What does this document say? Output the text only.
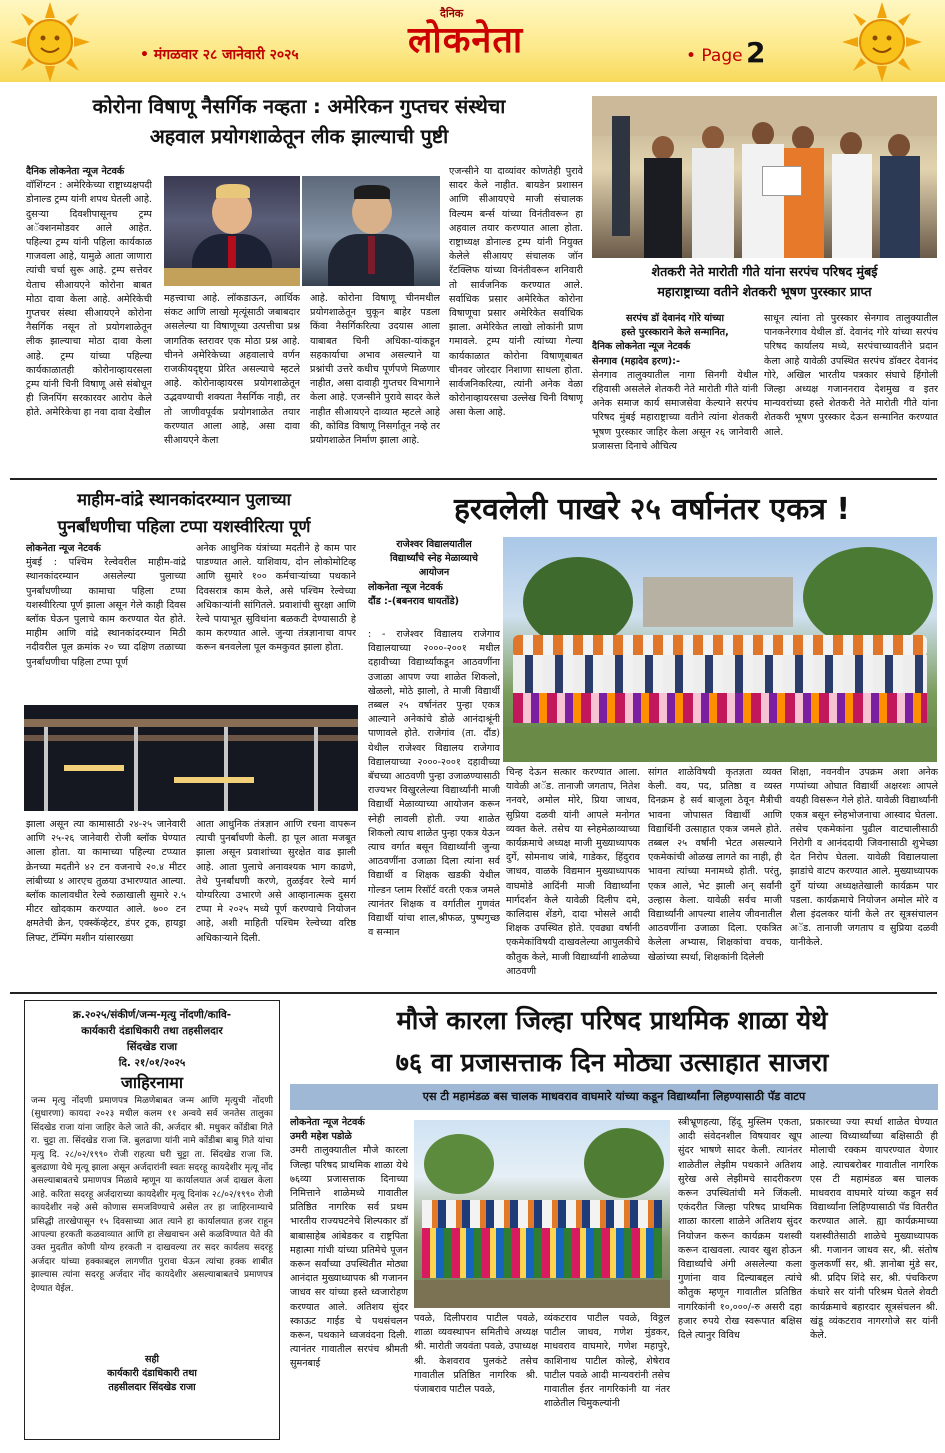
• मंगळवार २८ जानेवारी २०२५
दैनिक
लोकनेता	• Page 2
कोरोना विषाणू नैसर्गिक नव्हता : अमेरिकन गुप्तचर संस्थेचा
अहवाल प्रयोगशाळेतून लीक झाल्याची पुष्टी
दैनिक लोकनेता न्यूज नेटवर्क
वॉशिंग्टन : अमेरिकेच्या राष्ट्राध्यक्षपदी डोनाल्ड ट्रम्प यांनी शपथ घेतली आहे. दुसऱ्या दिवशीपासूनच ट्रम्प अॅक्शनमोडवर आले आहेत. पहिल्या ट्रम्प यांनी पहिला कार्यकाळ गाजवला आहे, यामुळे आता जाणारा त्यांची चर्चा सुरू आहे. ट्रम्प सत्तेवर येताच सीआयएने कोरोना बाबत मोठा दावा केला आहे. अमेरिकेची गुप्तचर संस्था सीआयएने कोरोना नैसर्गिक नसून तो प्रयोगशाळेतून लीक झाल्याचा मोठा दावा केला आहे. ट्रम्प यांच्या पहिल्या कार्यकाळातही कोरोनाव्हायरसला ट्रम्प यांनी चिनी विषाणू असे संबोधून ही जिनपिंग सरकारवर आरोप केले होते. अमेरिकेचा हा नवा दावा देखील
महत्त्वाचा आहे. लॉकडाऊन, आर्थिक संकट आणि लाखो मृत्यूंसाठी जबाबदार असलेल्या या विषाणूच्या उत्पत्तीचा प्रश्न जागतिक स्तरावर एक मोठा प्रश्न आहे. चीनने अमेरिकेच्या अहवालाचे वर्णन राजकीयदृष्ट्या प्रेरित असल्याचे म्हटले आहे. कोरोनाव्हायरस प्रयोगशाळेतून उद्भवण्याची शक्यता नैसर्गिक नाही, तर तो जाणीवपूर्वक प्रयोगशाळेत तयार करण्यात आला आहे, असा दावा सीआयएने केला
आहे. कोरोना विषाणू चीनमधील प्रयोगशाळेतून चुकून बाहेर पडला किंवा नैसर्गिकरित्या उदयास आला याबाबत चिनी अधिका-यांकडून सहकार्याचा अभाव असल्याने या प्रश्नांची उत्तरे कधीच पूर्णपणे मिळणार नाहीत, असा दावाही गुप्तचर विभागाने केला आहे. एजन्सीने पुरावे सादर केले नाहीत सीआयएने दाव्यात म्हटले आहे की, कोविड विषाणू निसर्गातून नव्हे तर प्रयोगशाळेत निर्माण झाला आहे.
एजन्सीने या दाव्यांवर कोणतेही पुरावे सादर केले नाहीत. बायडेन प्रशासन आणि सीआयएचे माजी संचालक विल्यम बर्न्स यांच्या विनंतीवरून हा अहवाल तयार करण्यात आला होता. राष्ट्राध्यक्ष डोनाल्ड ट्रम्प यांनी नियुक्त केलेले सीआयए संचालक जॉन रॅटक्लिफ यांच्या विनंतीवरून शनिवारी तो सार्वजनिक करण्यात आले. सर्वाधिक प्रसार अमेरिकेत कोरोना विषाणूचा प्रसार अमेरिकेत सर्वाधिक झाला. अमेरिकेत लाखो लोकांनी प्राण गमावले. ट्रम्प यांनी त्यांच्या गेल्या कार्यकाळात कोरोना विषाणूबाबत चीनवर जोरदार निशाणा साधला होता. सार्वजनिकरित्या, त्यांनी अनेक वेळा कोरोनाव्हायरसचा उल्लेख चिनी विषाणू असा केला आहे.
शेतकरी नेते मारोती गीते यांना सरपंच परिषद मुंबई
महाराष्ट्राच्या वतीने शेतकरी भूषण पुरस्कार प्राप्त
सरपंच डॉ देवानंद गोरे यांच्या
हस्ते पुरस्काराने केले सन्मानित,
दैनिक लोकनेता न्यूज नेटवर्क
सेनगाव (महादेव हरण):-
सेनगाव तालुक्यातील नागा सिनगी येथील रहिवासी असलेले शेतकरी नेते मारोती गीते यांनी अनेक समाज कार्य समाजसेवा केल्याने सरपंच परिषद मुंबई महाराष्ट्राच्या वतीने त्यांना शेतकरी भूषण पुरस्कार जाहिर केला असून २६ जानेवारी प्रजासत्ता दिनाचे औचित्य
साधून त्यांना तो पुरस्कार सेनगाव तालुक्यातील पानकनेरगाव येथील डॉ. देवानंद गोरे यांच्या सरपंच परिषद कार्यालय मध्ये, सरपंचाच्यावतीने प्रदान केला आहे यावेळी उपस्थित सरपंच डॉक्टर देवानंद गोरे, अखिल भारतीय पत्रकार संघाचे हिंगोली जिल्हा अध्यक्ष गजाननराव देशमुख व इतर मान्यवरांच्या हस्ते शेतकरी नेते मारोती गीते यांना शेतकरी भूषण पुरस्कार देऊन सन्मानित करण्यात आले.
माहीम-वांद्रे स्थानकांदरम्यान पुलाच्या
पुनर्बांधणीचा पहिला टप्पा यशस्वीरित्या पूर्ण
लोकनेता न्यूज नेटवर्क
मुंबई : पश्चिम रेल्वेवरील माहीम-वांद्रे स्थानकांदरम्यान असलेल्या पुलाच्या पुनर्बांधणीच्या कामाचा पहिला टप्पा यशस्वीरित्या पूर्ण झाला असून गेले काही दिवस ब्लॉक घेऊन पुलाचे काम करण्यात येत होते. माहीम आणि वांद्रे स्थानकांदरम्यान मिठी नदीवरील पूल क्रमांक २० च्या दक्षिण तळाच्या पुनर्बांधणीचा पहिला टप्पा पूर्ण
अनेक आधुनिक यंत्रांच्या मदतीने हे काम पार पाडण्यात आले. याशिवाय, दोन लोकोमोटिव्ह आणि सुमारे १०० कर्मचाऱ्यांच्या पथकाने दिवसरात्र काम केले, असे पश्चिम रेल्वेच्या अधिकाऱ्यांनी सांगितले. प्रवाशांची सुरक्षा आणि रेल्वे पायाभूत सुविधांना बळकटी देण्यासाठी हे काम करण्यात आले. जुन्या तंत्रज्ञानाचा वापर करून बनवलेला पूल कमकुवत झाला होता.
झाला असून त्या कामासाठी २४-२५ जानेवारी आणि २५-२६ जानेवारी रोजी ब्लॉक घेण्यात आला होता. या कामाच्या पहिल्या टप्प्यात क्रेनच्या मदतीने ४२ टन वजनाचे २०.४ मीटर लांबीच्या ४ आरएच तुळया उभारण्यात आल्या. ब्लॉक कालावधीत रेल्वे रुळाखाली सुमारे २.५ मीटर खोदकाम करण्यात आले. ७०० टन क्षमतेची क्रेन, एक्स्कॅव्हेटर, डंपर ट्रक, हायड्रा लिफ्ट, टॅम्पिंग मशीन यांसारख्या
आता आधुनिक तंत्रज्ञान आणि रचना वापरून त्याची पुनर्बांधणी केली. हा पूल आता मजबूत झाला असून प्रवाशांच्या सुरक्षेत वाढ झाली आहे. आता पुलाचे अनावश्यक भाग काढणे, तेथे पुनर्बांधणी करणे, तुळईवर रेल्वे मार्ग योग्यरित्या उभारणे असे आव्हानात्मक दुसरा टप्पा मे २०२५ मध्ये पूर्ण करण्याचे नियोजन आहे, अशी माहिती पश्चिम रेल्वेच्या वरिष्ठ अधिकाऱ्याने दिली.
हरवलेली पाखरे २५ वर्षानंतर एकत्र !
राजेश्वर विद्यालयातील
विद्यार्थ्यांचे स्नेह मेळाव्याचे
आयोजन
लोकनेता न्यूज नेटवर्क
दौंड :-(बबनराव धायतोंडे)
: - राजेश्वर विद्यालय राजेगाव विद्यालयाच्या २०००-२००१ मधील दहावीच्या विद्यार्थ्यांकडून आठवणींना उजाळा आपण ज्या शाळेत शिकलो, खेळलो, मोठे झालो, ते माजी विद्यार्थी तब्बल २५ वर्षानंतर पुन्हा एकत्र आल्याने अनेकांचे डोळे आनंदाश्रूंनी पाणावले होते. राजेगांव (ता. दौंड) येथील राजेश्वर विद्यालय राजेगाव विद्यालयाच्या २०००-२००१ दहावीच्या बॅचच्या आठवणी पुन्हा उजाळण्यासाठी राज्यभर विखुरलेल्या विद्यार्थ्यांनी माजी विद्यार्थी मेळाव्याच्या आयोजन करून स्नेही लावली होती. ज्या शाळेत शिकलो त्याच शाळेत पुन्हा एकत्र येऊन त्याच वर्गात बसून विद्यार्थ्यांनी जुन्या आठवणींना उजाळा दिला त्यांना सर्व विद्यार्थी व शिक्षक खडकी येथील गोल्डन प्लाम रिसॉर्ट वरती एकत्र जमले त्यानंतर शिक्षक व वर्गातील गुणवंत विद्यार्थी यांचा शाल,श्रीफळ, पुष्पगुच्छ व सन्मान
चिन्ह देऊन सत्कार करण्यात आला. यावेळी अॅड. तानाजी जगताप, नितेश ननवरे, अमोल मोरे, प्रिया जाधव, सुप्रिया दळवी यांनी आपले मनोगत व्यक्त केले. तसेच या स्नेहमेळाव्याच्या कार्यक्रमाचे अध्यक्ष माजी मुख्याध्यापक दुर्गे, सोमनाथ जांबे, गाडेकर, हिंदुराव जाधव, वाळके विद्यमान मुख्याध्यापक वाघमोडे आदिंनी माजी विद्यार्थ्यांना मार्गदर्शन केले यावेळी दिलीप दमे, कालिदास शेंडगे, दादा भोसले आदी शिक्षक उपस्थित होते. एवढ्या वर्षानी एकमेकांविषयी दाखवलेल्या आपुलकीचे कौतुक केले, माजी विद्यार्थ्यांनी शाळेच्या आठवणी
सांगत शाळेविषयी कृतज्ञता व्यक्त केली. वय, पद, प्रतिष्ठा व व्यस्त दिनक्रम हे सर्व बाजूला ठेवून मैत्रीची भावना जोपासत विद्यार्थी आणि विद्यार्थिनी उत्साहात एकत्र जमले होते. तब्बल २५ वर्षांनी भेटत असल्याने एकमेकांची ओळख लागते का नाही, ही भावना त्यांच्या मनामध्ये होती. परंतु, एकत्र आले, भेट झाली अन् सर्वांनी उल्हास केला. यावेळी सर्वच माजी विद्यार्थ्यांनी आपल्या शालेय जीवनातील आठवणींना उजाळा दिला. एकत्रित केलेला अभ्यास, शिक्षकांचा वचक, खेळांच्या स्पर्धा, शिक्षकांनी दिलेली
शिक्षा, नवनवीन उपक्रम अशा अनेक गप्पांच्या ओघात विद्यार्थी अक्षरशः आपले वयही विसरून गेले होते. यावेळी विद्यार्थ्यांनी एकत्र बसून स्नेहभोजनाचा आस्वाद घेतला. तसेच एकमेकांना पुढील वाटचालीसाठी निरोगी व आनंददायी जिवनासाठी शुभेच्छा देत निरोप घेतला. यावेळी विद्यालयाला झाडांचे वाटप करण्यात आले. मुख्याध्यापक दुर्गे यांच्या अध्यक्षतेखाली कार्यक्रम पार पडला. कार्यक्रमाचे नियोजन अमोल मोरे व शैला इंदलकर यांनी केले तर सूत्रसंचालन अॅड. तानाजी जगताप व सुप्रिया दळवी यानीकेले.
क्र.२०२५/संकीर्ण/जन्म-मृत्यु नोंदणी/कावि-
कार्यकारी दंडाधिकारी तथा तहसीलदार
सिंदखेड राजा
दि. २१/०१/२०२५
जाहिरनामा
जन्म मृत्यु नोंदणी प्रमाणपत्र मिळणेबाबत जन्म आणि मृत्युची नोंदणी (सुधारणा) कायदा २०२३ मधील कलम ११ अन्वये सर्व जनतेस तालुका सिंदखेड राजा यांना जाहिर केले जाते की, अर्जदार श्री. मधुकर कोंडीबा गिते रा. चुट्टा ता. सिंदखेड राजा जि. बुलढाणा यांनी नामे कोंडीबा बाबु गिते यांचा मृत्यु दि. २८/०२/१९९० रोजी राहत्या घरी चुट्टा ता. सिंदखेड राजा जि. बुलढाणा येथे मृत्यू झाला असून अर्जदारांनी स्वतः सदरहू कायदेशीर मृत्यू नोंद असल्याबाबतचे प्रमाणपत्र मिळावे म्हणून या कार्यालयात अर्ज दाखल केला आहे. करिता सदरहू अर्जदाराच्या कायदेशीर मृत्यू दिनांक २८/०२/१९९० रोजी कायदेशीर नव्हे असे कोणास समजविण्याचे असेल तर हा जाहिरनाम्याचे प्रसिद्धी तारखेपासून १५ दिवसाच्या आत त्याने हा कार्यालयात हजर राहून आपल्या हरकती कळवाव्यात आणि हा लेखवाचन असे कळविण्यात येते की उक्त मुदतीत कोणी योग्य हरकती न दाखवल्या तर सदर कार्यलय सदरहू अर्जदार यांच्या हक्काबद्दल लागणीत पुरावा घेऊन त्यांचा हक्क शाबीत झाल्यास त्यांना सदरहू अर्जदार नोंद कायदेशीर असल्याबाबतचे प्रमाणपत्र देण्यात येईल.
सही
कार्यकारी दंडाधिकारी तथा
तहसीलदार सिंदखेड राजा
मौजे कारला जिल्हा परिषद प्राथमिक शाळा येथे
७६ वा प्रजासत्ताक दिन मोठ्या उत्साहात साजरा
एस टी महामंडळ बस चालक माधवराव वाघमारे यांच्या कडून विद्यार्थ्यांना लिहण्यासाठी पॅड वाटप
लोकनेता न्यूज नेटवर्क
उमरी महेश पडोळे
उमरी तालुक्यातील मौजे कारला जिल्हा परिषद प्राथमिक शाळा येथे ७६व्या प्रजासत्ताक दिनाच्या निमित्ताने शाळेमध्ये गावातील प्रतिष्ठित नागरिक सर्व प्रथम भारतीय राज्यघटनेचे शिल्पकार डॉ बाबासाहेब आंबेडकर व राष्ट्रपिता महात्मा गांधी यांच्या प्रतिमेचे पूजन करून सर्वांच्या उपस्थितीत मोठ्या आनंदात मुख्याध्यापक श्री गजानन जाधव सर यांच्या हस्ते ध्वजारोहण करण्यात आले. अतिशय सुंदर स्काऊट गाईड चे पथसंचलन करून, पथकाने ध्वजवंदना दिली. त्यानंतर गावातील सरपंच श्रीमती सुमनबाई
पवळे, दिलीपराव पाटील पवळे, शाळा व्यवस्थापन समितीचे अध्यक्ष श्री. मारोती जयवंता पवळे, उपाध्यक्ष श्री. केशवराव पुलकंटे तसेच गावातील प्रतिष्ठित नागरिक श्री. पंजाबराव पाटील पवळे,
व्यंकटराव पाटील पवळे, विठ्ठल पाटील जाधव, गणेश मुंडकर, माधवराव वाघमारे, गणेश महापुरे, काशिनाथ पाटील कोल्हे, शेषेराव पाटील पवळे आदी मान्यवरांनी तसेच गावातील ईतर नागरिकांनी या नंतर शाळेतील चिमुकल्यांनी
स्त्रीभ्रूणहत्या, हिंदू मुस्लिम एकता, आदी संवेदनशील विषयावर खूप सुंदर भाषणे सादर केली. त्यानंतर शाळेतील लेझीम पथकाने अतिशय सुरेख असे लेझीमचे सादरीकरण करून उपस्थितांची मने जिंकली. एकंदरीत जिल्हा परिषद प्राथमिक शाळा कारला शाळेने अतिशय सुंदर नियोजन करून कार्यक्रम यशस्वी करून दाखवला. त्यावर खुश होऊन विद्यार्थ्यांचे अंगी असलेल्या कला गुणांना वाव दिल्याबद्दल त्यांचे कौतुक म्हणून गावातील प्रतिष्ठित नागरिकांनी १०,०००/-रु असरी दहा हजार रुपये रोख स्वरूपात बक्षिस दिले त्यानुर विविध
प्रकारच्या ज्या स्पर्धा शाळेत घेण्यात आल्या विध्यार्थ्यांच्या बक्षिसाठी ही मोलाची रक्कम वापरण्यात येणार आहे. त्याचबरोबर गावातील नागरिक एस टी महामंडळ बस चालक माधवराव वाघमारे यांच्या कडून सर्व विद्यार्थ्यांना लिहिण्यासाठी पॅड वितरीत करण्यात आले. ह्या कार्यक्रमाच्या यशस्वीतेसाठी शाळेचे मुख्याध्यापक श्री. गजानन जाधव सर, श्री. संतोष कुलकर्णी सर, श्री. ज्ञानोबा मुंडे सर, श्री. प्रदिप शिंदे सर, श्री. पंचकिरण कंधारे सर यांनी परिश्रम घेतले शेवटी कार्यक्रमाचे बहारदार सूत्रसंचलन श्री. खंडू व्यंकटराव नागरगोजे सर यांनी केले.
